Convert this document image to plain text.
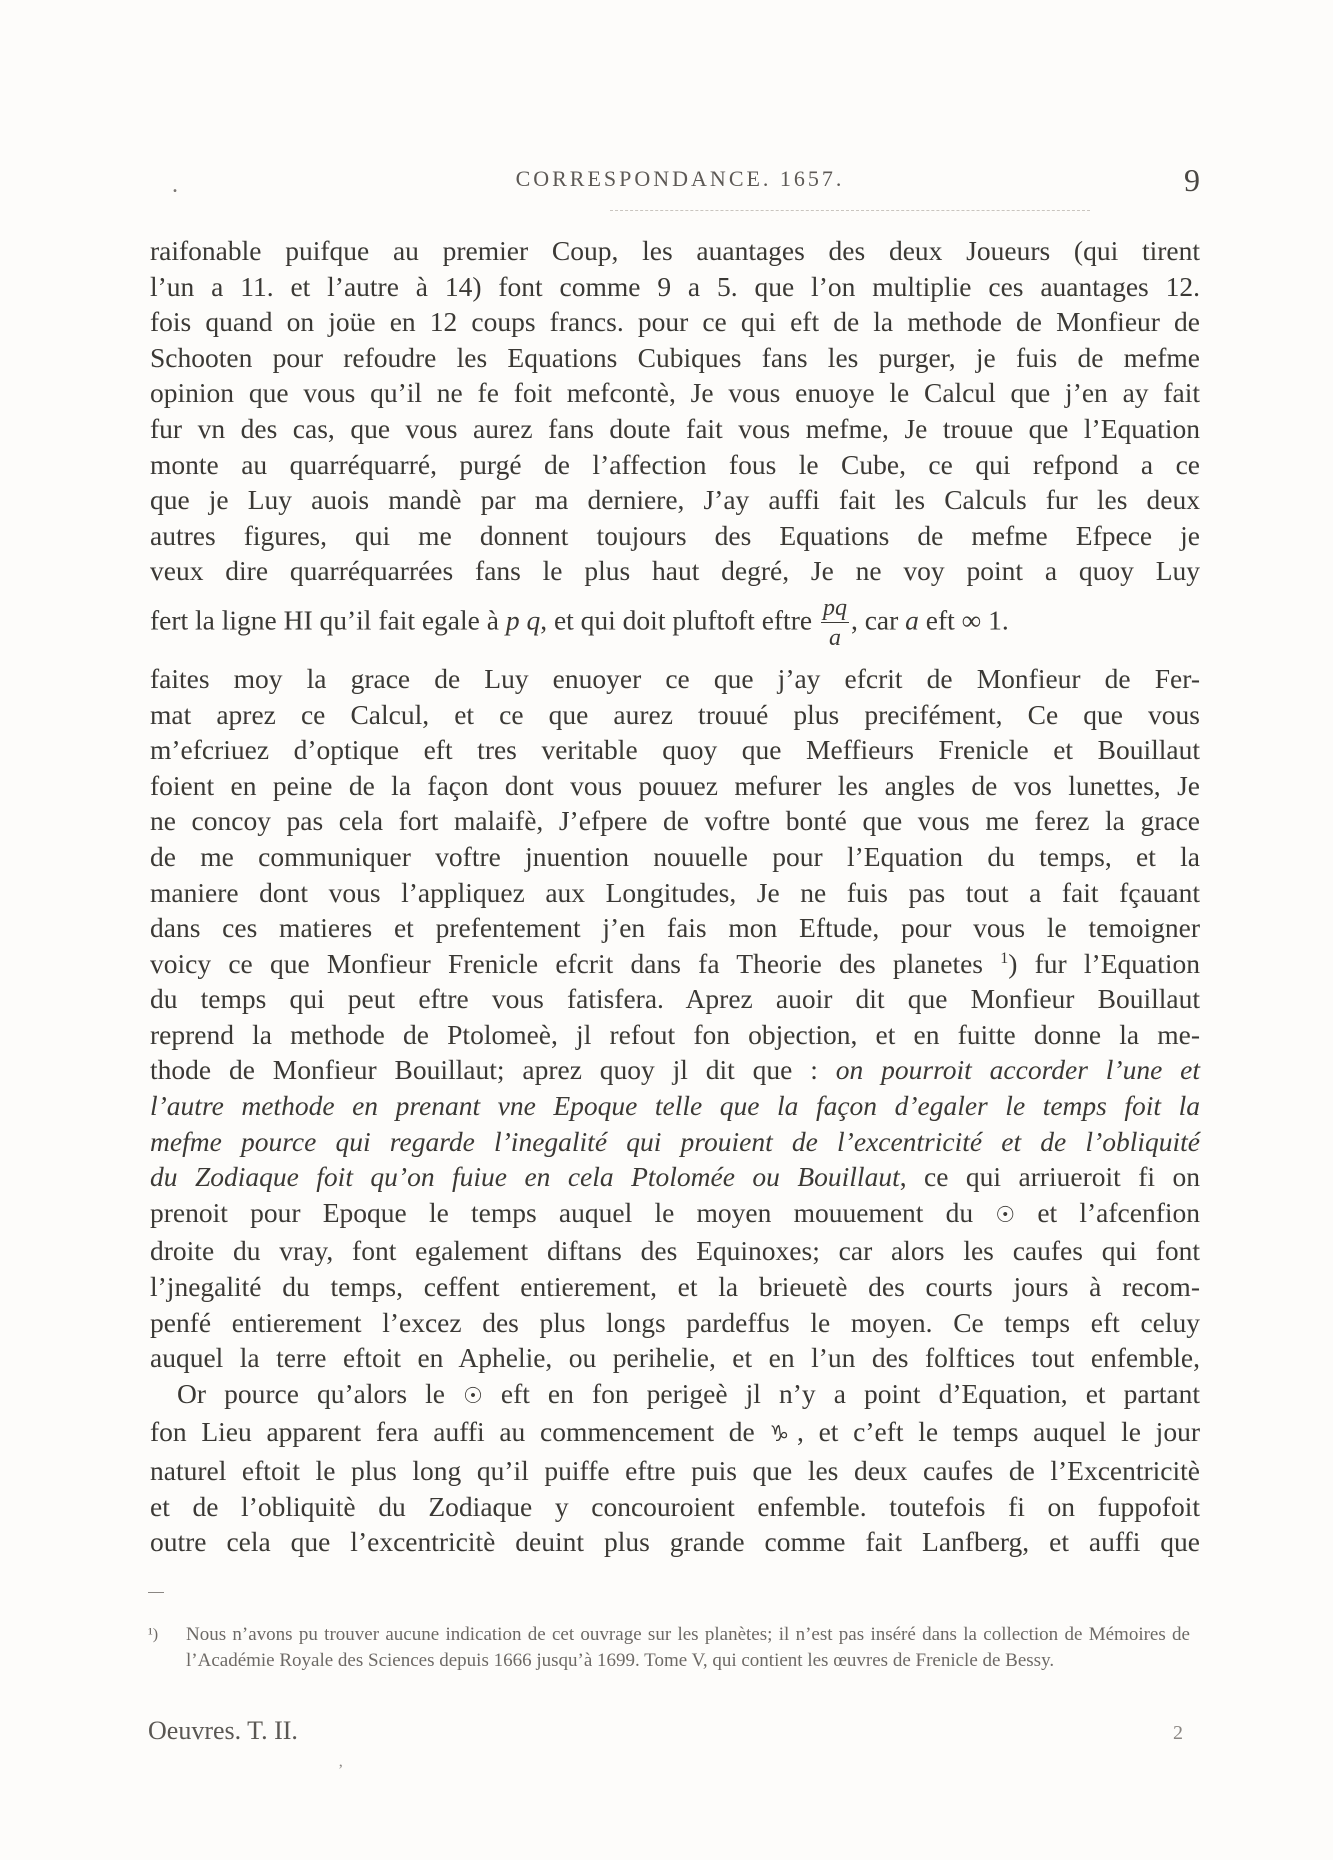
.	CORRESPONDANCE. 1657.	9

raifonable puifque au premier Coup, les auantages des deux Joueurs (qui tirent
l’un a 11. et l’autre à 14) font comme 9 a 5. que l’on multiplie ces auantages 12.
fois quand on joüe en 12 coups francs. pour ce qui eft de la methode de Monfieur de
Schooten pour refoudre les Equations Cubiques fans les purger, je fuis de mefme
opinion que vous qu’il ne fe foit mefcontè, Je vous enuoye le Calcul que j’en ay fait
fur vn des cas, que vous aurez fans doute fait vous mefme, Je trouue que l’Equation
monte au quarréquarré, purgé de l’affection fous le Cube, ce qui refpond a ce
que je Luy auois mandè par ma derniere, J’ay auffi fait les Calculs fur les deux
autres figures, qui me donnent toujours des Equations de mefme Efpece je
veux dire quarréquarrées fans le plus haut degré, Je ne voy point a quoy Luy
fert la ligne HI qu’il fait egale à p q, et qui doit pluftoft eftre $\frac{pq}{a}$ , car a eft ∞ 1.
faites moy la grace de Luy enuoyer ce que j’ay efcrit de Monfieur de Fer-
mat aprez ce Calcul, et ce que aurez trouué plus precifément, Ce que vous
m’efcriuez d’optique eft tres veritable quoy que Meffieurs Frenicle et Bouillaut
foient en peine de la façon dont vous pouuez mefurer les angles de vos lunettes, Je
ne concoy pas cela fort malaifè, J’efpere de voftre bonté que vous me ferez la grace
de me communiquer voftre jnuention nouuelle pour l’Equation du temps, et la
maniere dont vous l’appliquez aux Longitudes, Je ne fuis pas tout a fait fçauant
dans ces matieres et prefentement j’en fais mon Eftude, pour vous le temoigner
voicy ce que Monfieur Frenicle efcrit dans fa Theorie des planetes $^1$) fur l’Equation
du temps qui peut eftre vous fatisfera. Aprez auoir dit que Monfieur Bouillaut
reprend la methode de Ptolomeè, jl refout fon objection, et en fuitte donne la me-
thode de Monfieur Bouillaut; aprez quoy jl dit que : on pourroit accorder l’une et
l’autre methode en prenant vne Epoque telle que la façon d’egaler le temps foit la
mefme pource qui regarde l’inegalité qui prouient de l’excentricité et de l’obliquité
du Zodiaque foit qu’on fuiue en cela Ptolomée ou Bouillaut, ce qui arriueroit fi on
prenoit pour Epoque le temps auquel le moyen mouuement du ☉ et l’afcenfion
droite du vray, font egalement diftans des Equinoxes; car alors les caufes qui font
l’jnegalité du temps, ceffent entierement, et la brieuetè des courts jours à recom-
penfé entierement l’excez des plus longs pardeffus le moyen. Ce temps eft celuy
auquel la terre eftoit en Aphelie, ou perihelie, et en l’un des folftices tout enfemble,

Or pource qu’alors le ☉ eft en fon perigeè jl n’y a point d’Equation, et partant
fon Lieu apparent fera auffi au commencement de ♑, et c’eft le temps auquel le jour
naturel eftoit le plus long qu’il puiffe eftre puis que les deux caufes de l’Excentricitè
et de l’obliquitè du Zodiaque y concouroient enfemble. toutefois fi on fuppofoit
outre cela que l’excentricitè deuint plus grande comme fait Lanfberg, et auffi que

¹)	Nous n’avons pu trouver aucune indication de cet ouvrage sur les planètes; il n’est pas inséré dans la collection de Mémoires de l’Académie Royale des Sciences depuis 1666 jusqu’à 1699. Tome V, qui contient les œuvres de Frenicle de Bessy.
Oeuvres. T. II.	2
’
